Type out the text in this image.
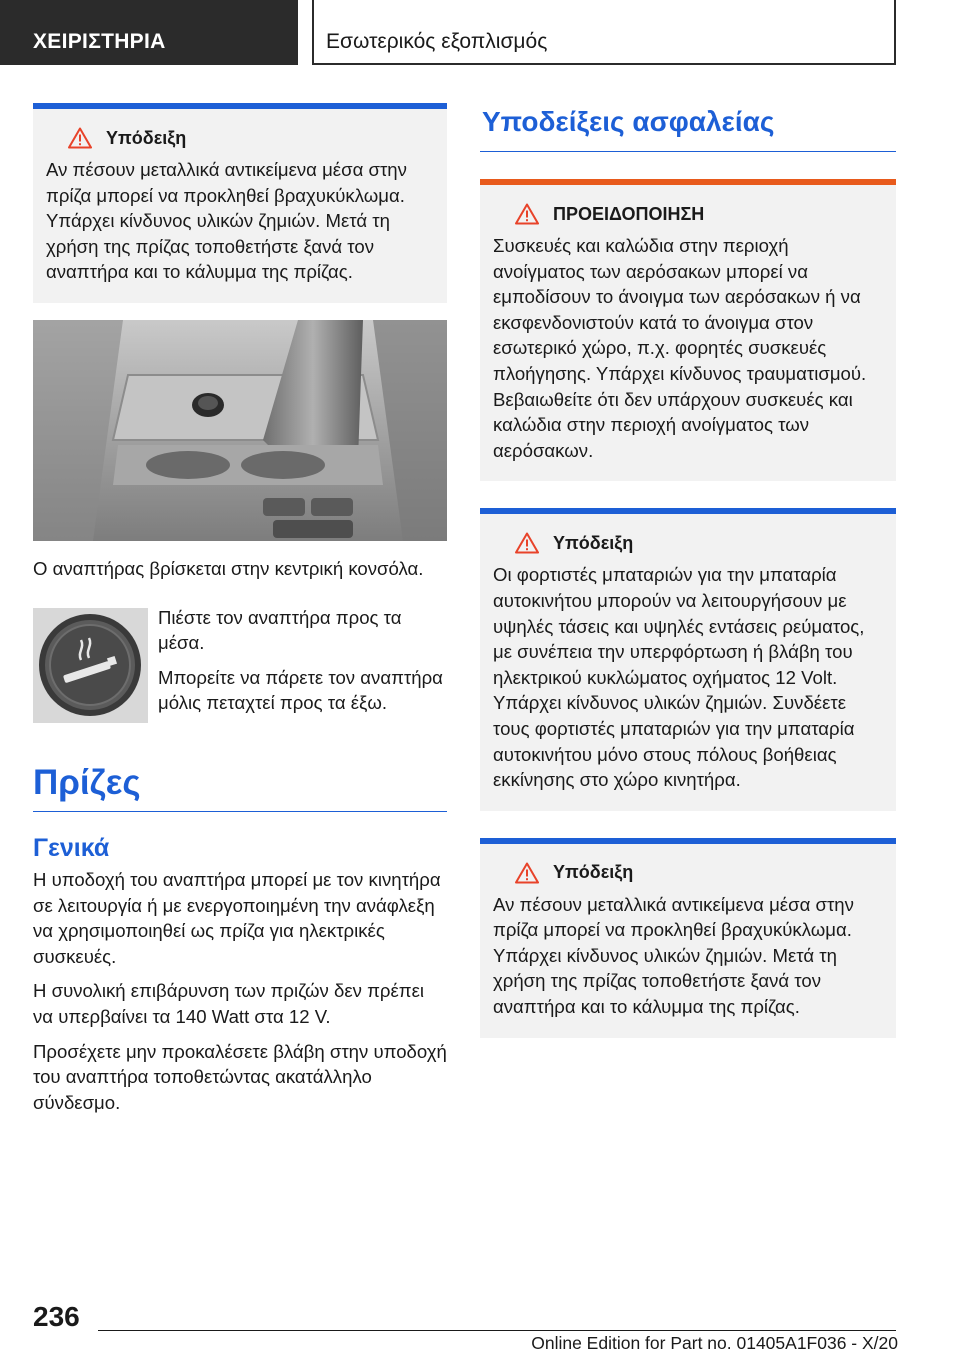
ΧΕΙΡΙΣΤΗΡΙΑ	Εσωτερικός εξοπλισμός
Υπόδειξη
Αν πέσουν μεταλλικά αντικείμενα μέσα στην πρίζα μπορεί να προκληθεί βραχυκύκλωμα. Υπάρχει κίνδυνος υλικών ζημιών. Μετά τη χρήση της πρίζας τοποθετήστε ξανά τον αναπτήρα και το κάλυμμα της πρίζας.
Ο αναπτήρας βρίσκεται στην κεντρική κονσόλα.

Πιέστε τον αναπτήρα προς τα μέσα.

Μπορείτε να πάρετε τον αναπτήρα μόλις πεταχτεί προς τα έξω.

Πρίζες
Γενικά

Η υποδοχή του αναπτήρα μπορεί με τον κινητήρα σε λειτουργία ή με ενεργοποιημένη την ανάφλεξη να χρησιμοποιηθεί ως πρίζα για ηλεκτρικές συσκευές.

Η συνολική επιβάρυνση των πριζών δεν πρέπει να υπερβαίνει τα 140 Watt στα 12 V.

Προσέχετε μην προκαλέσετε βλάβη στην υποδοχή του αναπτήρα τοποθετώντας ακατάλληλο σύνδεσμο.

Υποδείξεις ασφαλείας
ΠΡΟΕΙΔΟΠΟΙΗΣΗ
Συσκευές και καλώδια στην περιοχή ανοίγματος των αερόσακων μπορεί να εμποδίσουν το άνοιγμα των αερόσακων ή να εκσφενδονιστούν κατά το άνοιγμα στον εσωτερικό χώρο, π.χ. φορητές συσκευές πλοήγησης. Υπάρχει κίνδυνος τραυματισμού. Βεβαιωθείτε ότι δεν υπάρχουν συσκευές και καλώδια στην περιοχή ανοίγματος των αερόσακων.
Υπόδειξη
Οι φορτιστές μπαταριών για την μπαταρία αυτοκινήτου μπορούν να λειτουργήσουν με υψηλές τάσεις και υψηλές εντάσεις ρεύματος, με συνέπεια την υπερφόρτωση ή βλάβη του ηλεκτρικού κυκλώματος οχήματος 12 Volt. Υπάρχει κίνδυνος υλικών ζημιών. Συνδέετε τους φορτιστές μπαταριών για την μπαταρία αυτοκινήτου μόνο στους πόλους βοήθειας εκκίνησης στο χώρο κινητήρα.
Υπόδειξη
Αν πέσουν μεταλλικά αντικείμενα μέσα στην πρίζα μπορεί να προκληθεί βραχυκύκλωμα. Υπάρχει κίνδυνος υλικών ζημιών. Μετά τη χρήση της πρίζας τοποθετήστε ξανά τον αναπτήρα και το κάλυμμα της πρίζας.
236
Online Edition for Part no. 01405A1F036 - X/20
